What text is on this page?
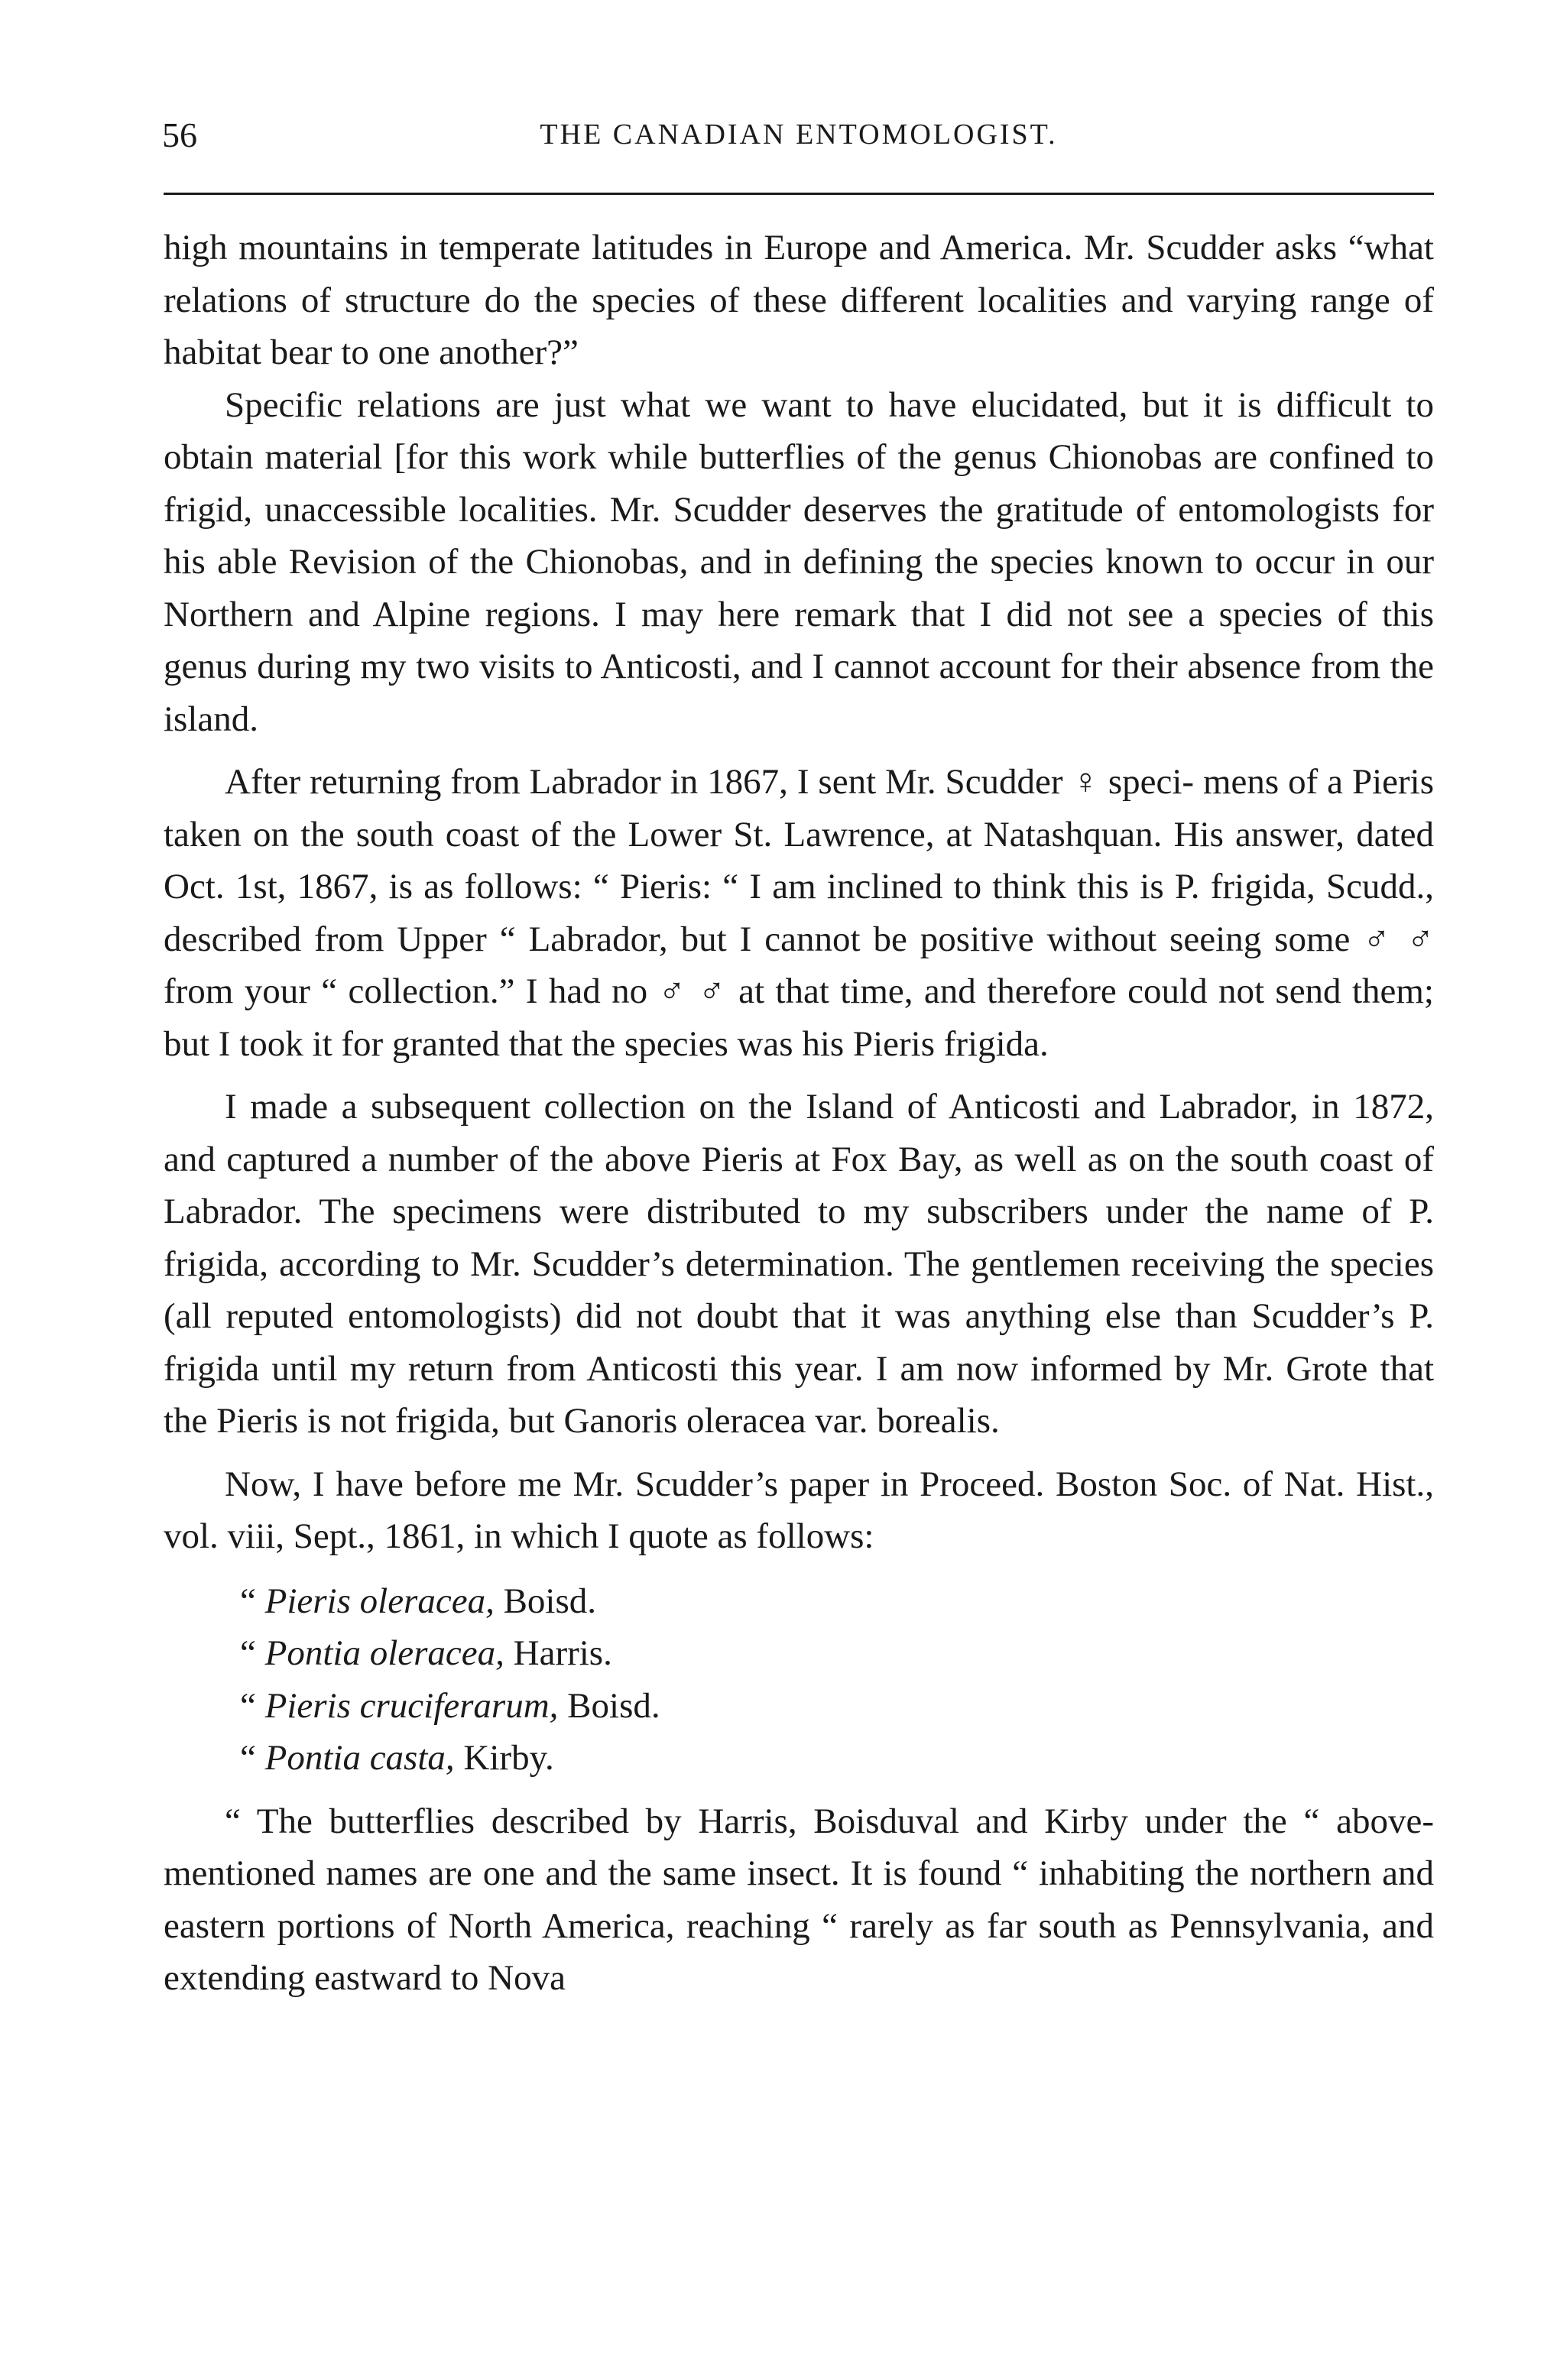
56	THE CANADIAN ENTOMOLOGIST.

high mountains in temperate latitudes in Europe and America. Mr. Scudder asks “what relations of structure do the species of these different localities and varying range of habitat bear to one another?”

Specific relations are just what we want to have elucidated, but it is difficult to obtain material [for this work while butterflies of the genus Chionobas are confined to frigid, unaccessible localities. Mr. Scudder deserves the gratitude of entomologists for his able Revision of the Chionobas, and in defining the species known to occur in our Northern and Alpine regions. I may here remark that I did not see a species of this genus during my two visits to Anticosti, and I cannot account for their absence from the island.

After returning from Labrador in 1867, I sent Mr. Scudder ♀ speci- mens of a Pieris taken on the south coast of the Lower St. Lawrence, at Natashquan. His answer, dated Oct. 1st, 1867, is as follows: “ Pieris: “ I am inclined to think this is P. frigida, Scudd., described from Upper “ Labrador, but I cannot be positive without seeing some ♂ ♂ from your “ collection.” I had no ♂ ♂ at that time, and therefore could not send them; but I took it for granted that the species was his Pieris frigida.

I made a subsequent collection on the Island of Anticosti and Labrador, in 1872, and captured a number of the above Pieris at Fox Bay, as well as on the south coast of Labrador. The specimens were distributed to my subscribers under the name of P. frigida, according to Mr. Scudder’s determination. The gentlemen receiving the species (all reputed entomologists) did not doubt that it was anything else than Scudder’s P. frigida until my return from Anticosti this year. I am now informed by Mr. Grote that the Pieris is not frigida, but Ganoris oleracea var. borealis.

Now, I have before me Mr. Scudder’s paper in Proceed. Boston Soc. of Nat. Hist., vol. viii, Sept., 1861, in which I quote as follows:

“ Pieris oleracea, Boisd.
“ Pontia oleracea, Harris.
“ Pieris cruciferarum, Boisd.
“ Pontia casta, Kirby.

“ The butterflies described by Harris, Boisduval and Kirby under the “ above-mentioned names are one and the same insect. It is found “ inhabiting the northern and eastern portions of North America, reaching “ rarely as far south as Pennsylvania, and extending eastward to Nova
